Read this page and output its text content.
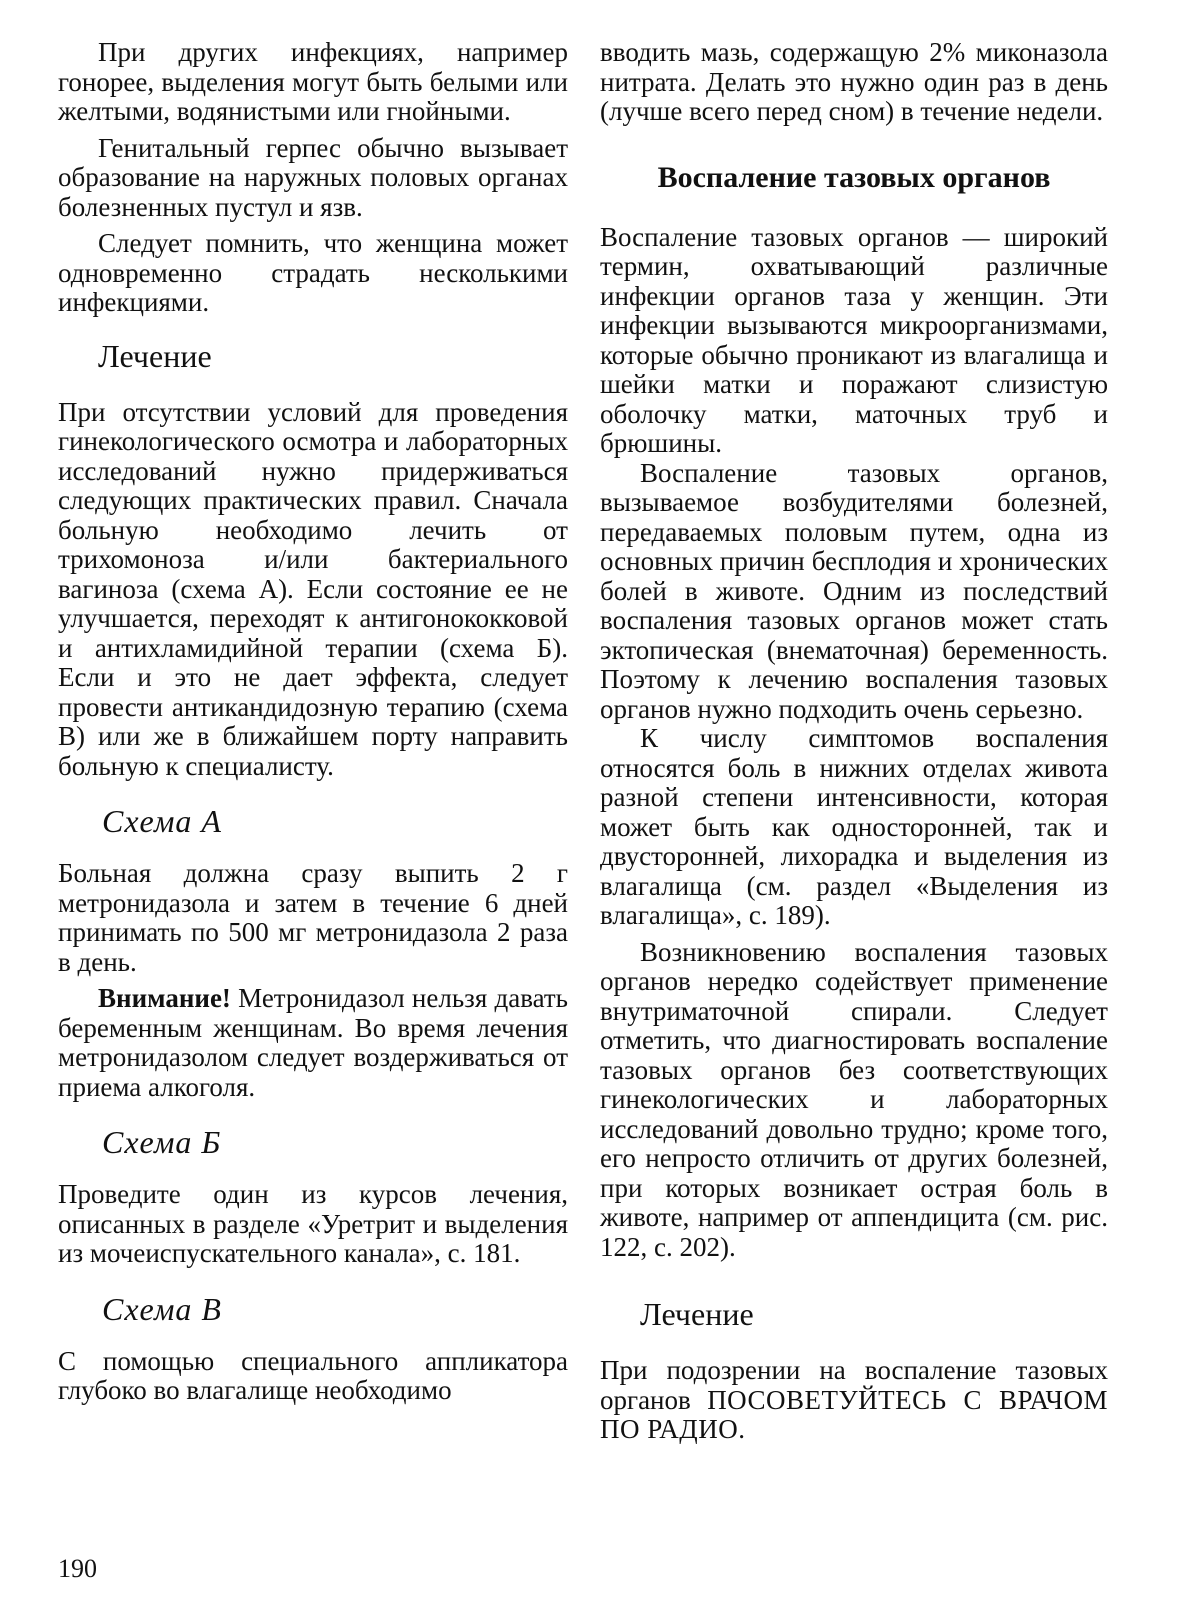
При других инфекциях, например гонорее, выделения могут быть белыми или желтыми, водянистыми или гнойными.

Генитальный герпес обычно вызывает образование на наружных половых органах болезненных пустул и язв.

Следует помнить, что женщина может одновременно страдать несколькими инфекциями.

Лечение

При отсутствии условий для проведения гинекологического осмотра и лабораторных исследований нужно придерживаться следующих практических правил. Сначала больную необходимо лечить от трихомоноза и/или бактериального вагиноза (схема А). Если состояние ее не улучшается, переходят к антигонококковой и антихламидийной терапии (схема Б). Если и это не дает эффекта, следует провести антикандидозную терапию (схема В) или же в ближайшем порту направить больную к специалисту.

Схема А

Больная должна сразу выпить 2 г метронидазола и затем в течение 6 дней принимать по 500 мг метронидазола 2 раза в день.

Внимание! Метронидазол нельзя давать беременным женщинам. Во время лечения метронидазолом следует воздерживаться от приема алкоголя.

Схема Б

Проведите один из курсов лечения, описанных в разделе «Уретрит и выделения из мочеиспускательного канала», с. 181.

Схема В

С помощью специального аппликатора глубоко во влагалище необходимо

вводить мазь, содержащую 2% миконазола нитрата. Делать это нужно один раз в день (лучше всего перед сном) в течение недели.

Воспаление тазовых органов

Воспаление тазовых органов — широкий термин, охватывающий различные инфекции органов таза у женщин. Эти инфекции вызываются микроорганизмами, которые обычно проникают из влагалища и шейки матки и поражают слизистую оболочку матки, маточных труб и брюшины.

Воспаление тазовых органов, вызываемое возбудителями болезней, передаваемых половым путем, одна из основных причин бесплодия и хронических болей в животе. Одним из последствий воспаления тазовых органов может стать эктопическая (внематочная) беременность. Поэтому к лечению воспаления тазовых органов нужно подходить очень серьезно.

К числу симптомов воспаления относятся боль в нижних отделах живота разной степени интенсивности, которая может быть как односторонней, так и двусторонней, лихорадка и выделения из влагалища (см. раздел «Выделения из влагалища», с. 189).

Возникновению воспаления тазовых органов нередко содействует применение внутриматочной спирали. Следует отметить, что диагностировать воспаление тазовых органов без соответствующих гинекологических и лабораторных исследований довольно трудно; кроме того, его непросто отличить от других болезней, при которых возникает острая боль в животе, например от аппендицита (см. рис. 122, с. 202).

Лечение

При подозрении на воспаление тазовых органов ПОСОВЕТУЙТЕСЬ С ВРАЧОМ ПО РАДИО.

190
